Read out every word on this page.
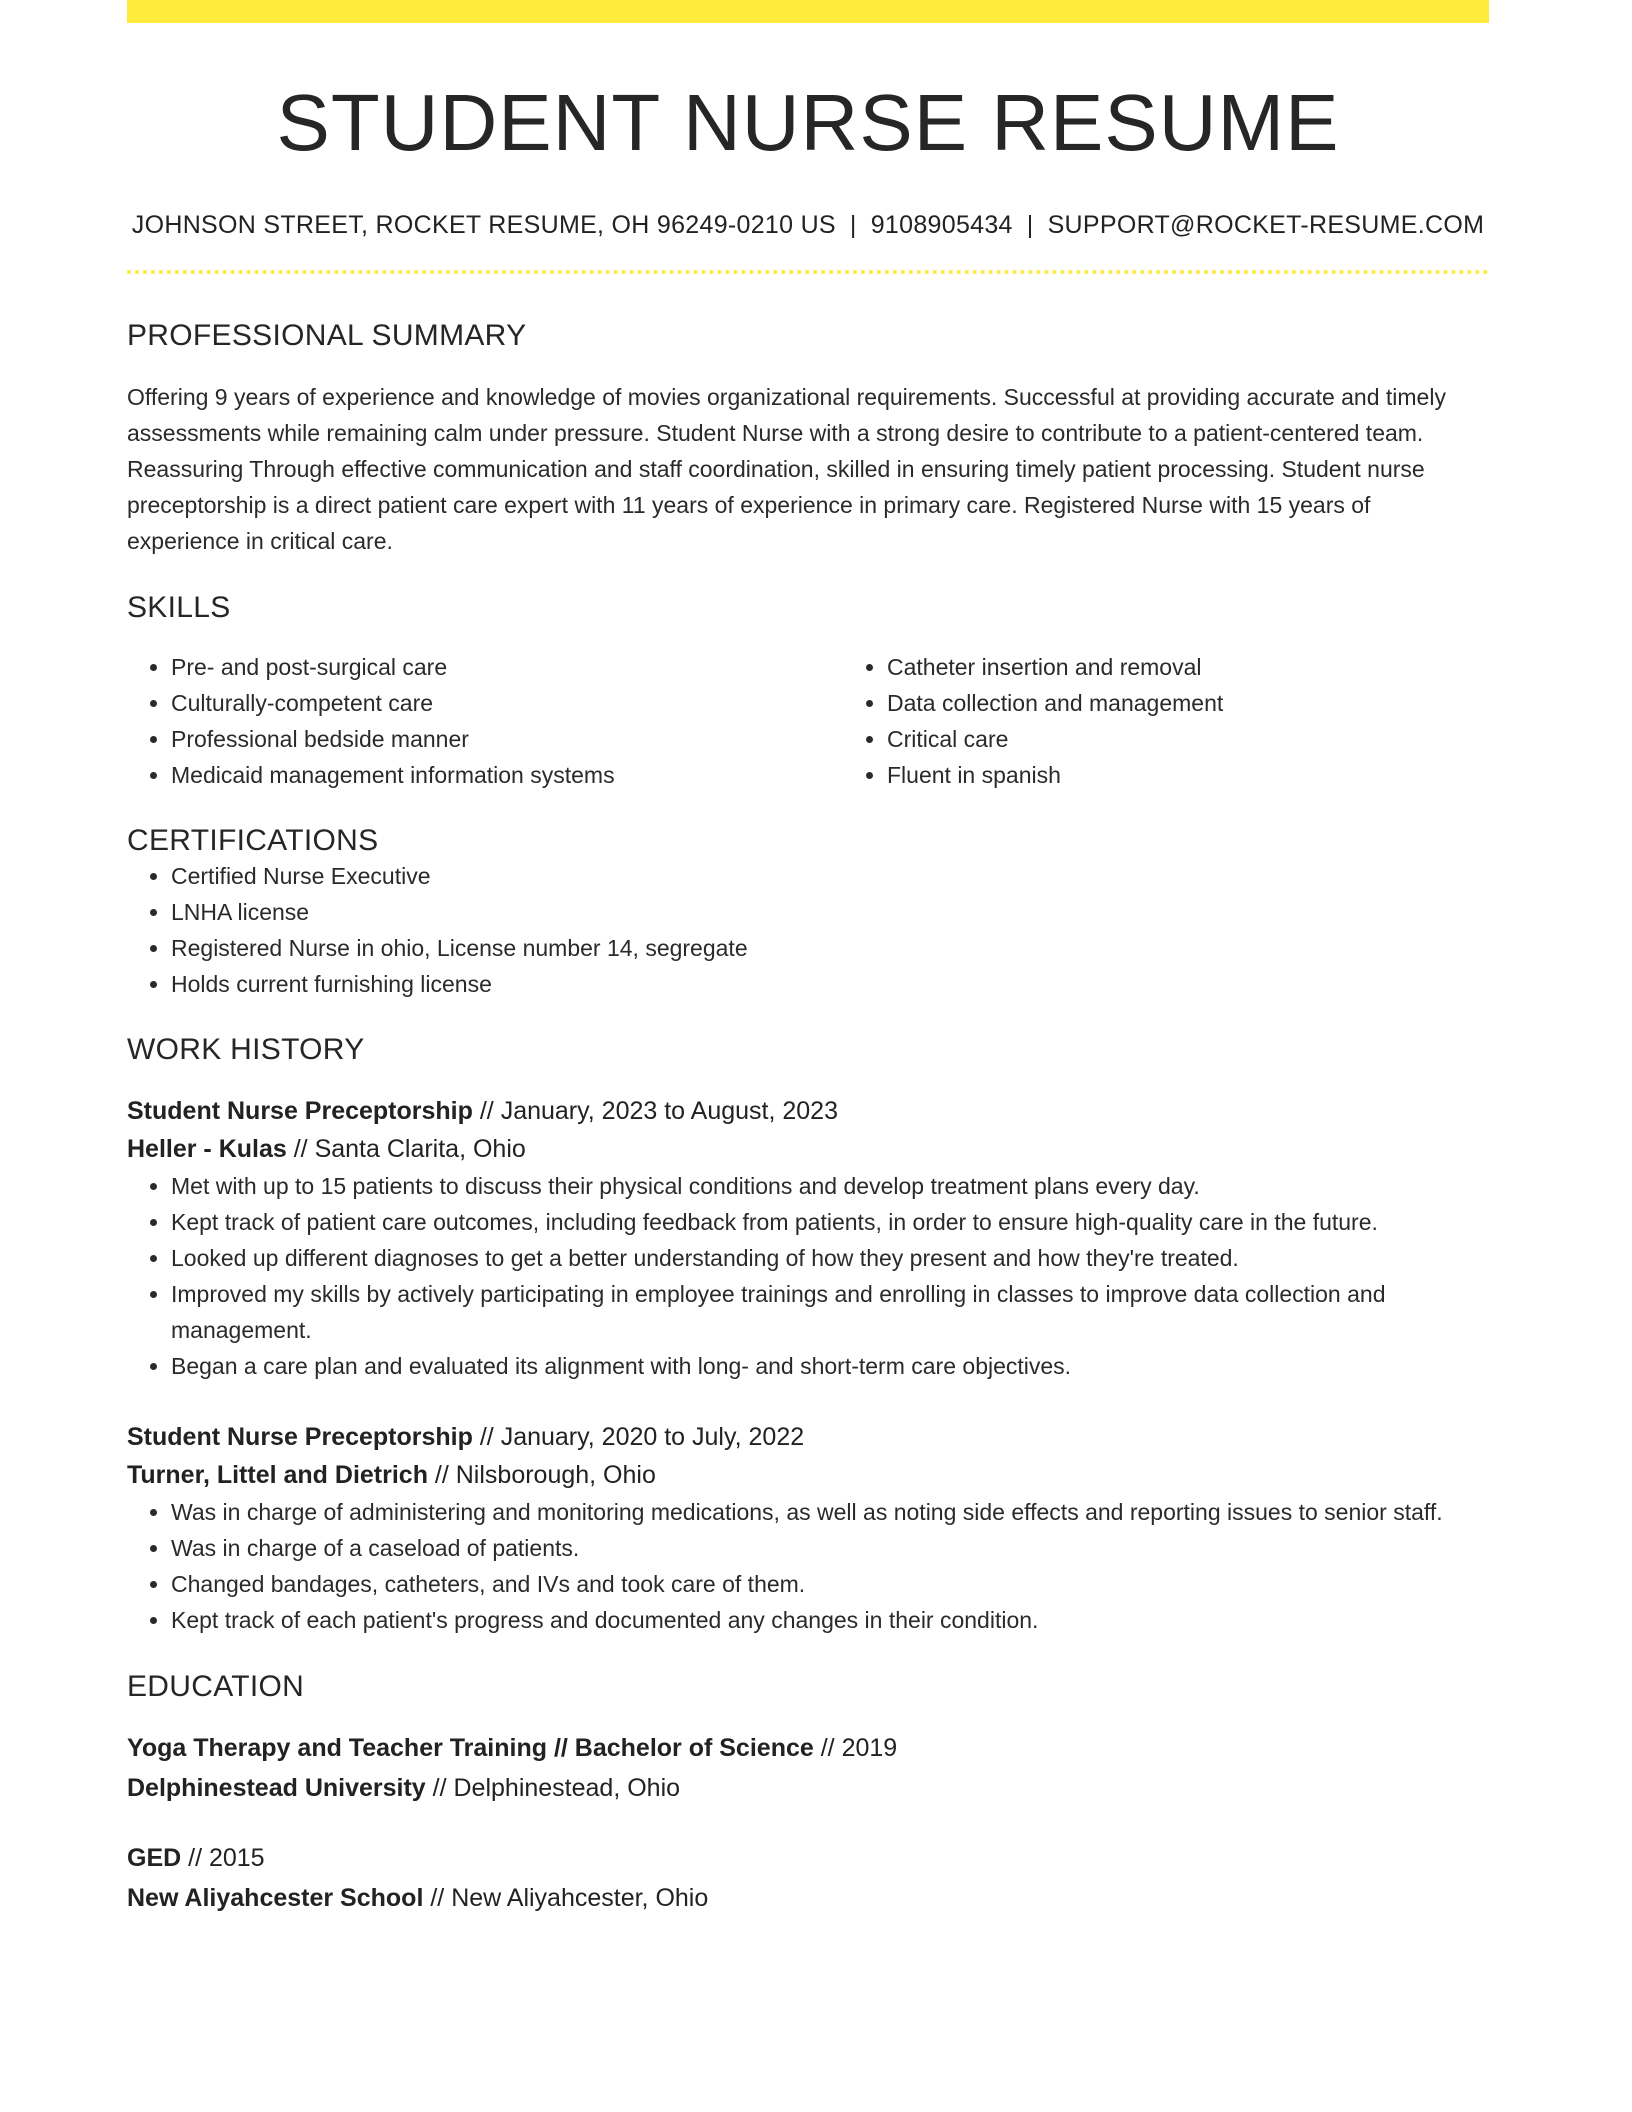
STUDENT NURSE RESUME
JOHNSON STREET, ROCKET RESUME, OH 96249-0210 US | 9108905434 | SUPPORT@ROCKET-RESUME.COM
PROFESSIONAL SUMMARY

Offering 9 years of experience and knowledge of movies organizational requirements. Successful at providing accurate and timely assessments while remaining calm under pressure. Student Nurse with a strong desire to contribute to a patient-centered team. Reassuring Through effective communication and staff coordination, skilled in ensuring timely patient processing. Student nurse preceptorship is a direct patient care expert with 11 years of experience in primary care. Registered Nurse with 15 years of experience in critical care.

SKILLS
• Pre- and post-surgical care
• Culturally-competent care
• Professional bedside manner
• Medicaid management information systems
• Catheter insertion and removal
• Data collection and management
• Critical care
• Fluent in spanish
CERTIFICATIONS
• Certified Nurse Executive
• LNHA license
• Registered Nurse in ohio, License number 14, segregate
• Holds current furnishing license
WORK HISTORY
Student Nurse Preceptorship // January, 2023 to August, 2023
Heller - Kulas // Santa Clarita, Ohio
• Met with up to 15 patients to discuss their physical conditions and develop treatment plans every day.
• Kept track of patient care outcomes, including feedback from patients, in order to ensure high-quality care in the future.
• Looked up different diagnoses to get a better understanding of how they present and how they're treated.
• Improved my skills by actively participating in employee trainings and enrolling in classes to improve data collection and management.
• Began a care plan and evaluated its alignment with long- and short-term care objectives.
Student Nurse Preceptorship // January, 2020 to July, 2022
Turner, Littel and Dietrich // Nilsborough, Ohio
• Was in charge of administering and monitoring medications, as well as noting side effects and reporting issues to senior staff.
• Was in charge of a caseload of patients.
• Changed bandages, catheters, and IVs and took care of them.
• Kept track of each patient's progress and documented any changes in their condition.
EDUCATION
Yoga Therapy and Teacher Training // Bachelor of Science // 2019
Delphinestead University // Delphinestead, Ohio
GED // 2015
New Aliyahcester School // New Aliyahcester, Ohio
